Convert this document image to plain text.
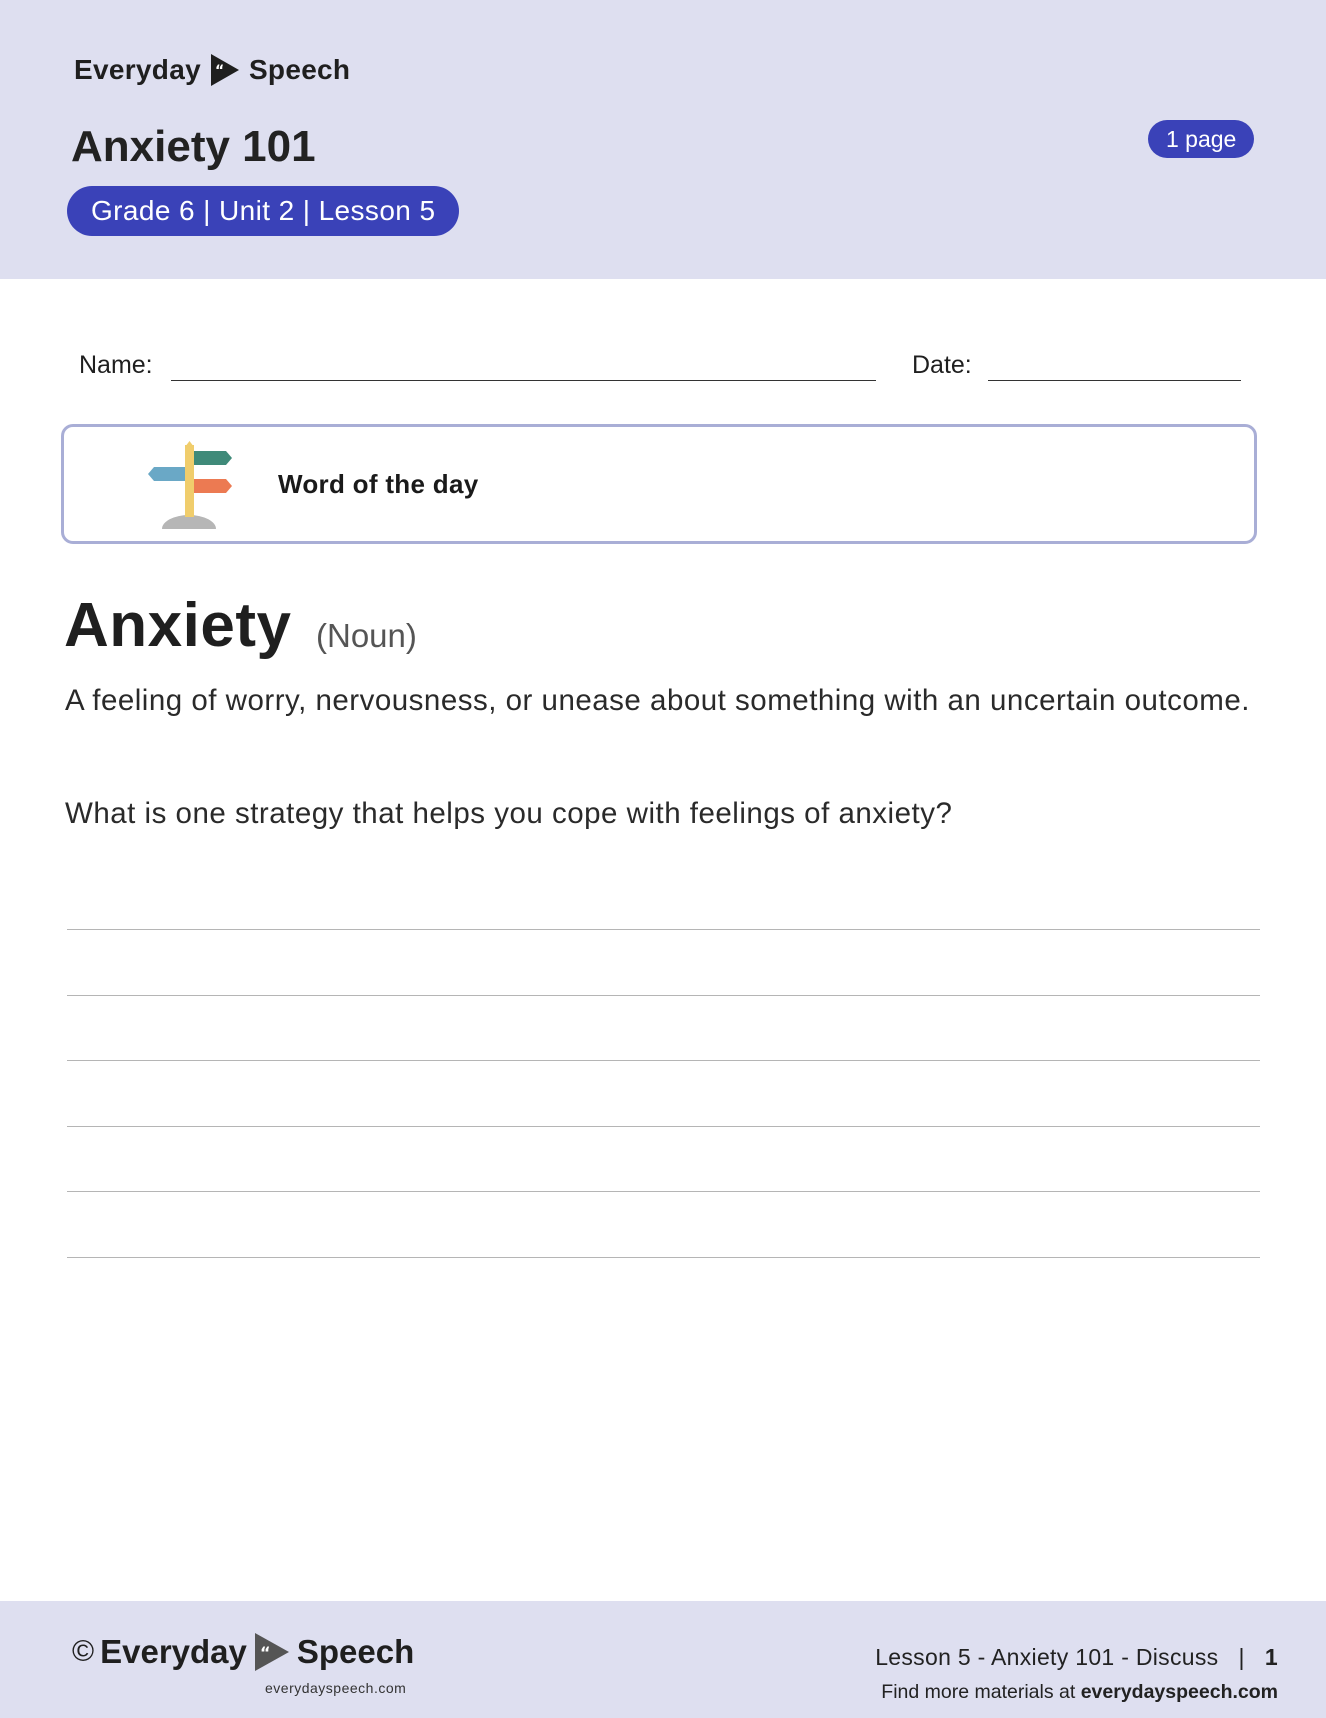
Everyday “ Speech
Anxiety 101
Grade 6 | Unit 2 | Lesson 5
1 page
Name:	Date:
Word of the day
Anxiety (Noun)
A feeling of worry, nervousness, or unease about something with an uncertain outcome.
What is one strategy that helps you cope with feelings of anxiety?
© Everyday “ Speech
everydayspeech.com
Lesson 5 - Anxiety 101 - Discuss | 1
Find more materials at everydayspeech.com
